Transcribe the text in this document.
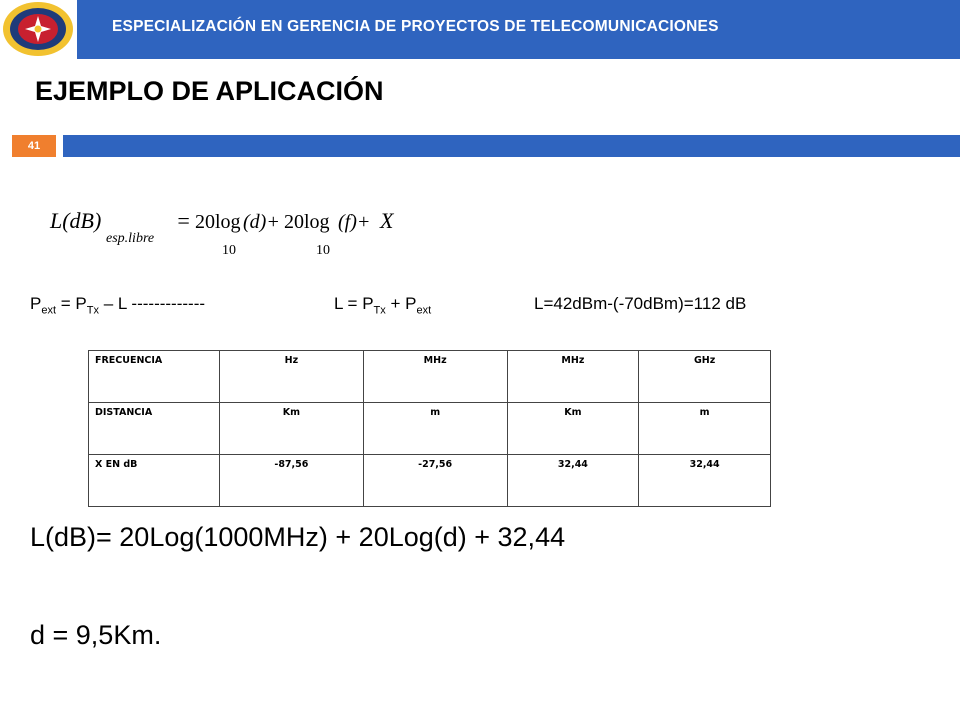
ESPECIALIZACIÓN EN GERENCIA DE PROYECTOS DE TELECOMUNICACIONES
EJEMPLO DE APLICACIÓN
41
L(dB)
esp.libre
= 20log
10
(d)+ 20log
10
(f)+ X
$P_{ext} = P_{Tx} - L$ -------------	$L = P_{Tx} + P_{ext}$	L=42dBm-(-70dBm)=112 dB
FRECUENCIA	Hz	MHz	MHz	GHz
DISTANCIA	Km	m	Km	m
X EN dB	-87,56	-27,56	32,44	32,44
L(dB)= 20Log(1000MHz) + 20Log(d) + 32,44
d = 9,5Km.
